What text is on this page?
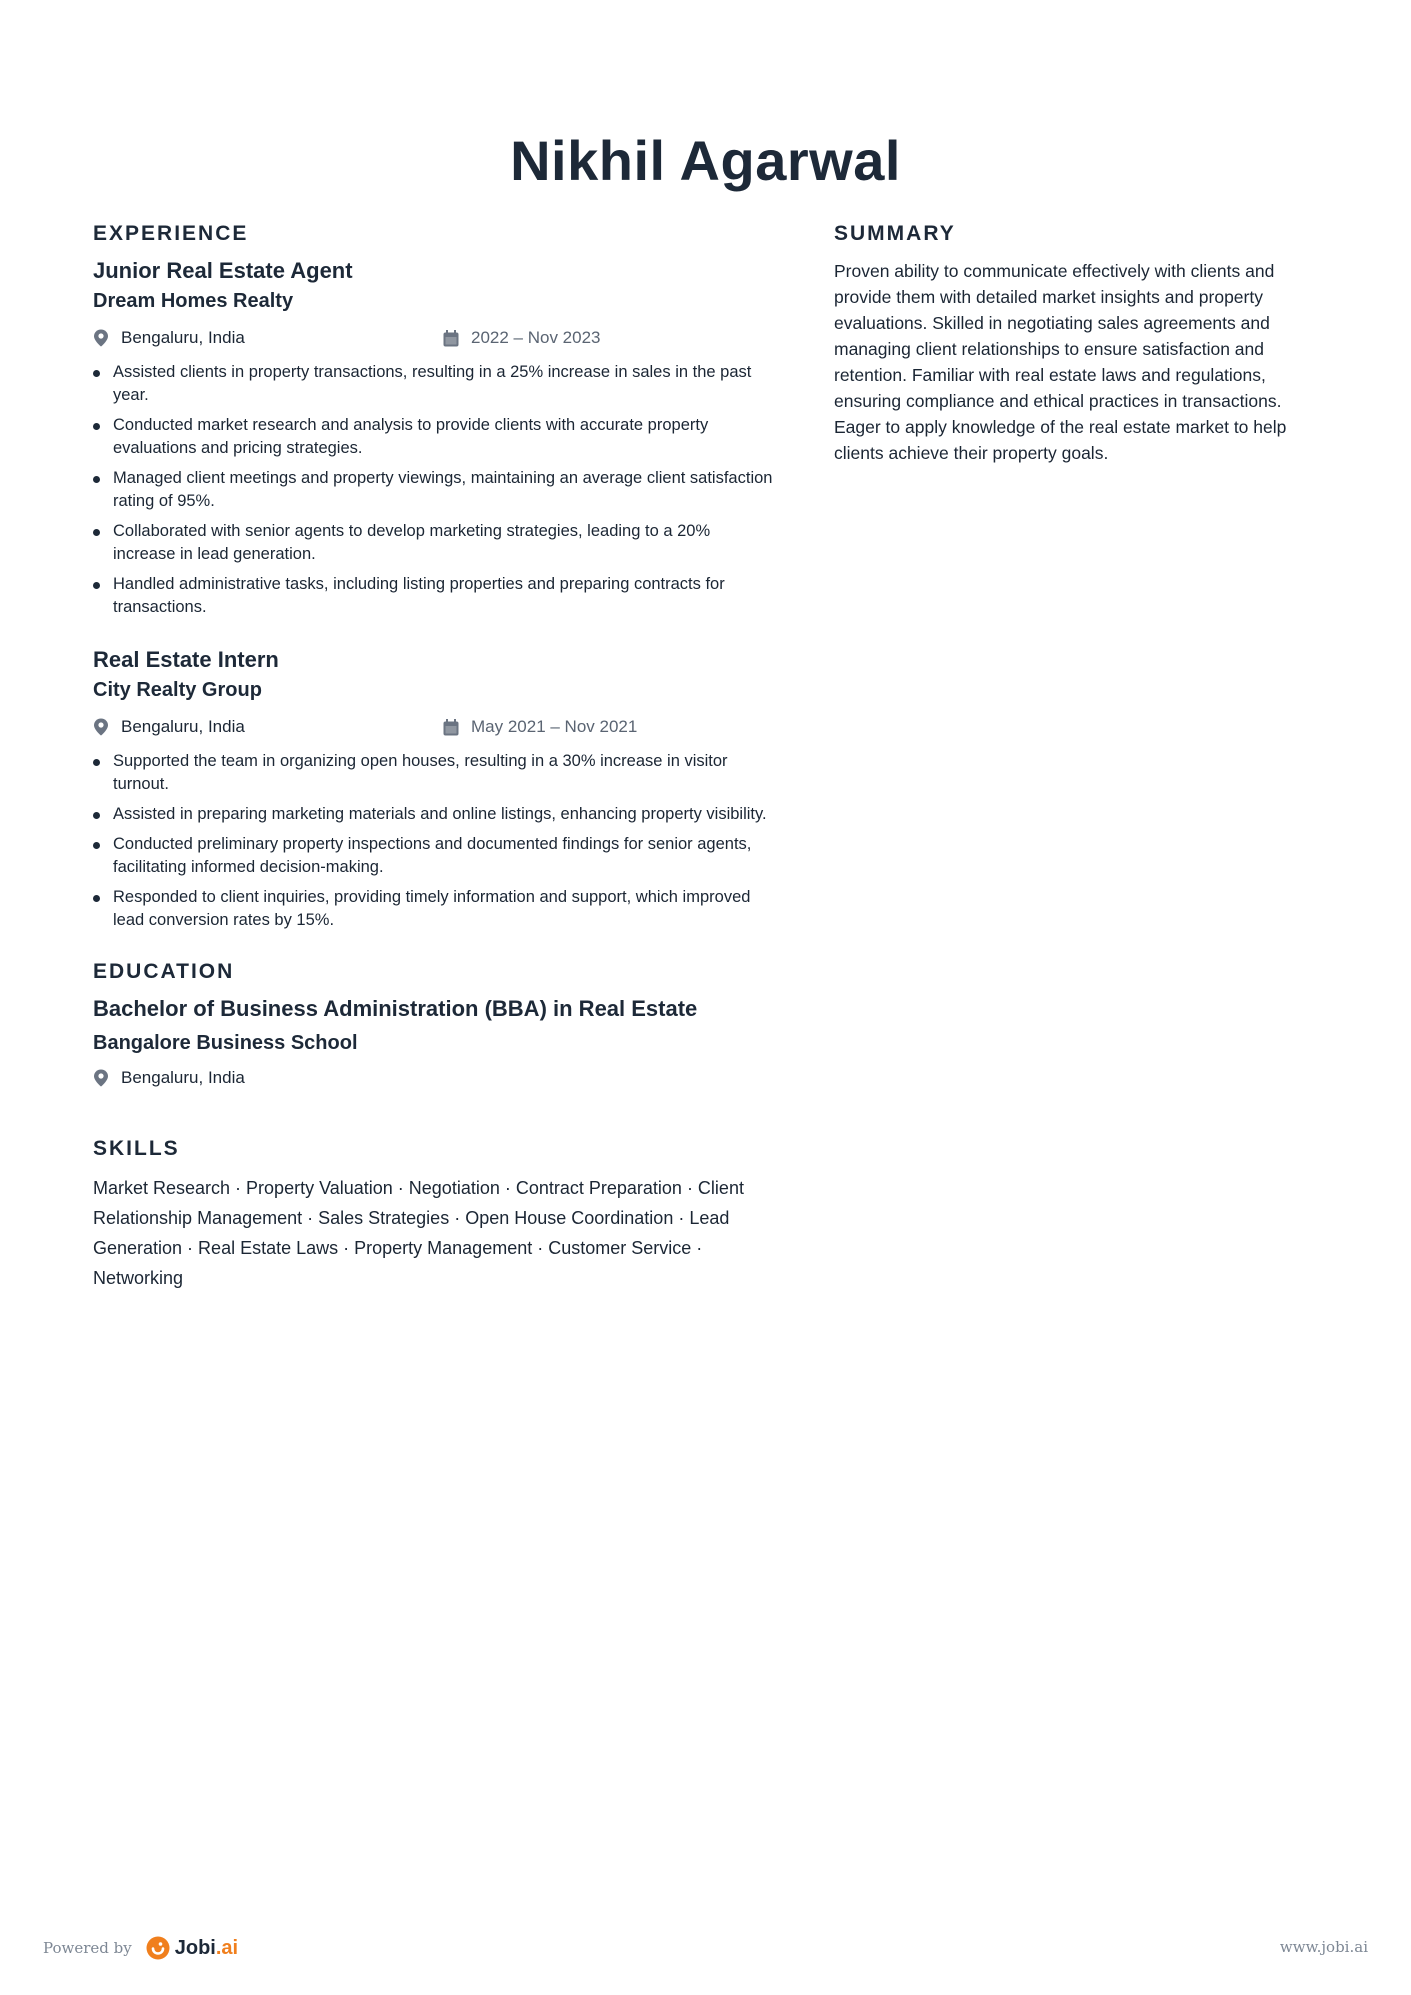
Nikhil Agarwal
EXPERIENCE
Junior Real Estate Agent
Dream Homes Realty
Bengaluru, India	2022 – Nov 2023
Assisted clients in property transactions, resulting in a 25% increase in sales in the past year.
Conducted market research and analysis to provide clients with accurate property evaluations and pricing strategies.
Managed client meetings and property viewings, maintaining an average client satisfaction rating of 95%.
Collaborated with senior agents to develop marketing strategies, leading to a 20% increase in lead generation.
Handled administrative tasks, including listing properties and preparing contracts for transactions.
Real Estate Intern
City Realty Group
Bengaluru, India	May 2021 – Nov 2021
Supported the team in organizing open houses, resulting in a 30% increase in visitor turnout.
Assisted in preparing marketing materials and online listings, enhancing property visibility.
Conducted preliminary property inspections and documented findings for senior agents, facilitating informed decision-making.
Responded to client inquiries, providing timely information and support, which improved lead conversion rates by 15%.
EDUCATION
Bachelor of Business Administration (BBA) in Real Estate
Bangalore Business School
Bengaluru, India
SKILLS

Market Research · Property Valuation · Negotiation · Contract Preparation · Client Relationship Management · Sales Strategies · Open House Coordination · Lead Generation · Real Estate Laws · Property Management · Customer Service · Networking

SUMMARY

Proven ability to communicate effectively with clients and provide them with detailed market insights and property evaluations. Skilled in negotiating sales agreements and managing client relationships to ensure satisfaction and retention. Familiar with real estate laws and regulations, ensuring compliance and ethical practices in transactions. Eager to apply knowledge of the real estate market to help clients achieve their property goals.

Powered by Jobi.ai	www.jobi.ai
